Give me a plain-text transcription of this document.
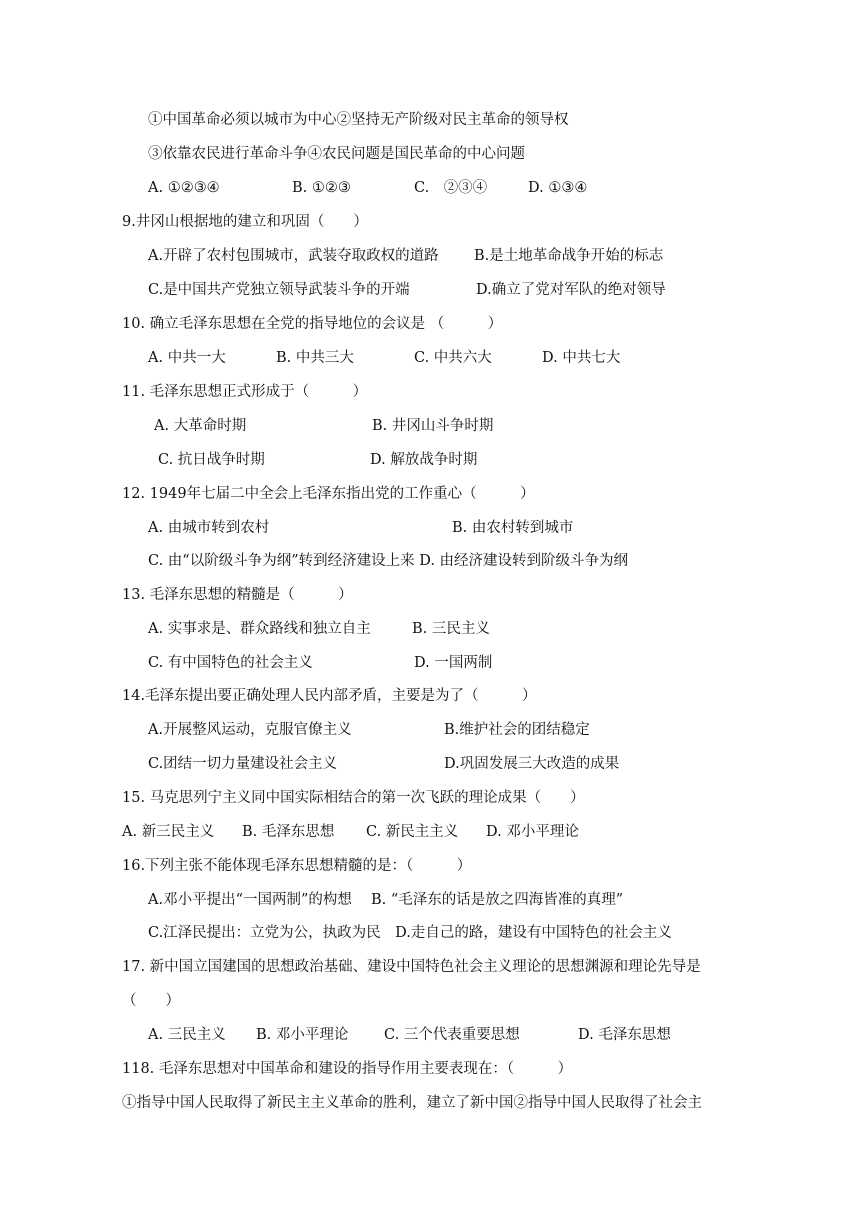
①中国革命必须以城市为中心②坚持无产阶级对民主革命的领导权
③依靠农民进行革命斗争④农民问题是国民革命的中心问题
A. ①②③④	B. ①②③	C.　②③④	D. ①③④
9.井冈山根据地的建立和巩固（　　）
A.开辟了农村包围城市，武装夺取政权的道路 B.是土地革命战争开始的标志
C.是中国共产党独立领导武装斗争的开端	D.确立了党对军队的绝对领导
10. 确立毛泽东思想在全党的指导地位的会议是 （　　　）
A. 中共一大	B. 中共三大	C. 中共六大	D. 中共七大
11. 毛泽东思想正式形成于（　　　）
A. 大革命时期	B. 井冈山斗争时期
C. 抗日战争时期	D. 解放战争时期
12. 1949年七届二中全会上毛泽东指出党的工作重心（　　　）
A. 由城市转到农村	B. 由农村转到城市
C. 由“以阶级斗争为纲”转到经济建设上来 D. 由经济建设转到阶级斗争为纲
13. 毛泽东思想的精髓是（　　　）
A. 实事求是、群众路线和独立自主	B. 三民主义
C. 有中国特色的社会主义	D. 一国两制
14.毛泽东提出要正确处理人民内部矛盾，主要是为了（　　　）
A.开展整风运动，克服官僚主义	B.维护社会的团结稳定
C.团结一切力量建设社会主义	D.巩固发展三大改造的成果
15. 马克思列宁主义同中国实际相结合的第一次飞跃的理论成果（　　）
A. 新三民主义 B. 毛泽东思想 C. 新民主主义 D. 邓小平理论
16.下列主张不能体现毛泽东思想精髓的是：（　　　）
A.邓小平提出“一国两制”的构想　 B. “毛泽东的话是放之四海皆准的真理”
C.江泽民提出：立党为公，执政为民　D.走自己的路，建设有中国特色的社会主义
17. 新中国立国建国的思想政治基础、建设中国特色社会主义理论的思想渊源和理论先导是
（　　）
A. 三民主义 B. 邓小平理论 C. 三个代表重要思想	D. 毛泽东思想
118. 毛泽东思想对中国革命和建设的指导作用主要表现在：（　　　）
①指导中国人民取得了新民主主义革命的胜利，建立了新中国②指导中国人民取得了社会主
